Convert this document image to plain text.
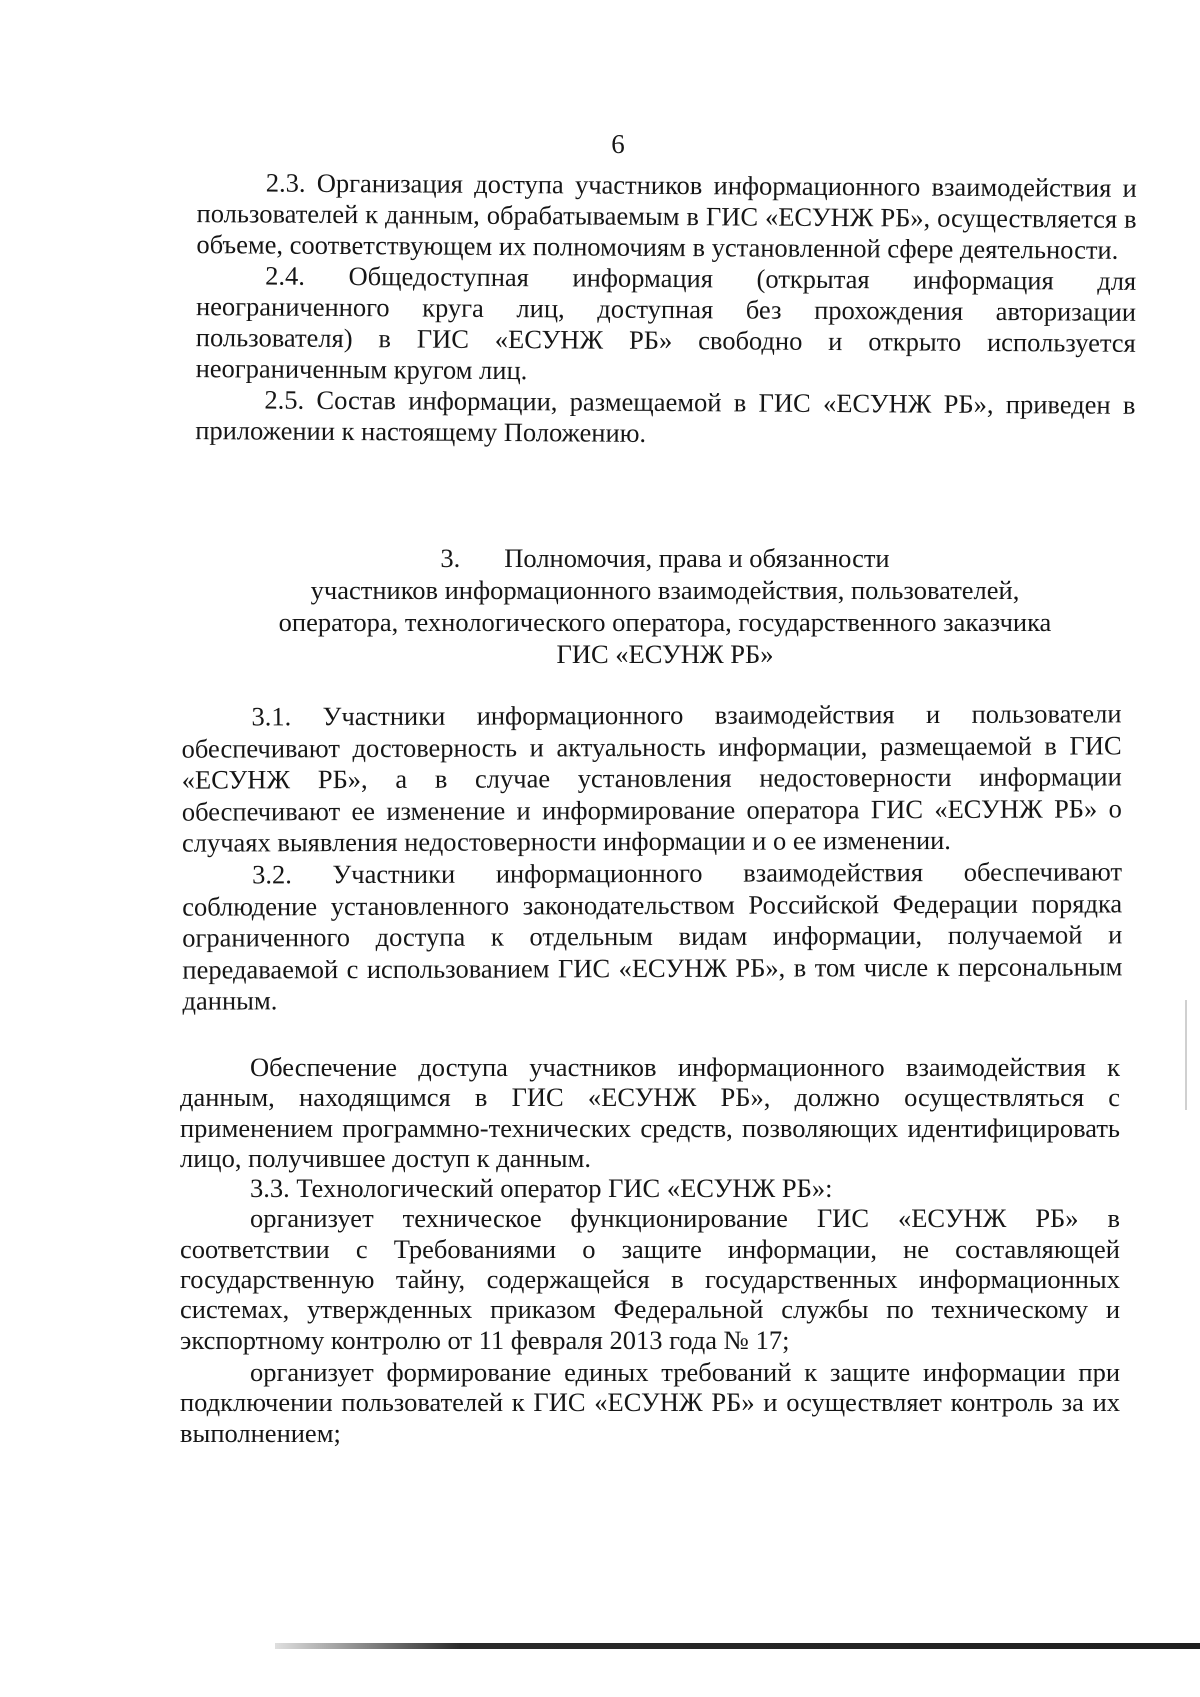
6

2.3. Организация доступа участников информационного взаимодействия и пользователей к данным, обрабатываемым в ГИС «ЕСУНЖ РБ», осуществляется в объеме, соответствующем их полномочиям в установленной сфере деятельности.

2.4. Общедоступная информация (открытая информация для неограниченного круга лиц, доступная без прохождения авторизации пользователя) в ГИС «ЕСУНЖ РБ» свободно и открыто используется неограниченным кругом лиц.

2.5. Состав информации, размещаемой в ГИС «ЕСУНЖ РБ», приведен в приложении к настоящему Положению.

3. Полномочия, права и обязанности
участников информационного взаимодействия, пользователей,
оператора, технологического оператора, государственного заказчика
ГИС «ЕСУНЖ РБ»

3.1. Участники информационного взаимодействия и пользователи обеспечивают достоверность и актуальность информации, размещаемой в ГИС «ЕСУНЖ РБ», а в случае установления недостоверности информации обеспечивают ее изменение и информирование оператора ГИС «ЕСУНЖ РБ» о случаях выявления недостоверности информации и о ее изменении.

3.2. Участники информационного взаимодействия обеспечивают соблюдение установленного законодательством Российской Федерации порядка ограниченного доступа к отдельным видам информации, получаемой и передаваемой с использованием ГИС «ЕСУНЖ РБ», в том числе к персональным данным.

Обеспечение доступа участников информационного взаимодействия к данным, находящимся в ГИС «ЕСУНЖ РБ», должно осуществляться с применением программно-технических средств, позволяющих идентифицировать лицо, получившее доступ к данным.

3.3. Технологический оператор ГИС «ЕСУНЖ РБ»:

организует техническое функционирование ГИС «ЕСУНЖ РБ» в соответствии с Требованиями о защите информации, не составляющей государственную тайну, содержащейся в государственных информационных системах, утвержденных приказом Федеральной службы по техническому и экспортному контролю от 11 февраля 2013 года № 17;

организует формирование единых требований к защите информации при подключении пользователей к ГИС «ЕСУНЖ РБ» и осуществляет контроль за их выполнением;
